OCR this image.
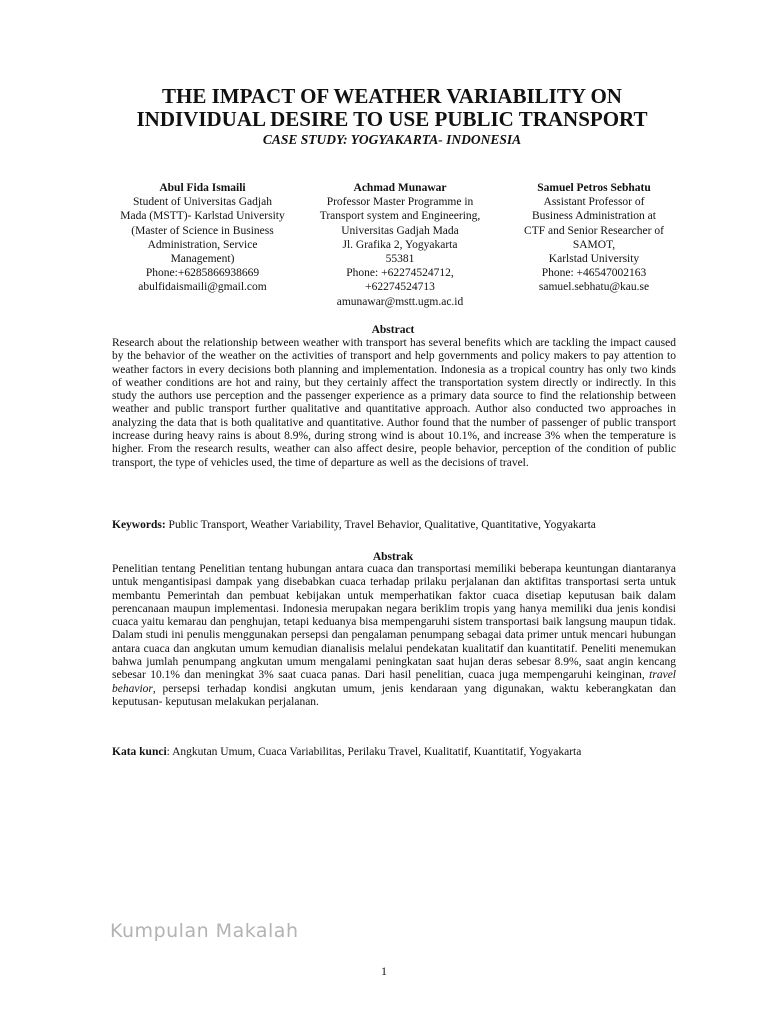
THE IMPACT OF WEATHER VARIABILITY ON
INDIVIDUAL DESIRE TO USE PUBLIC TRANSPORT
CASE STUDY: YOGYAKARTA- INDONESIA
Abul Fida Ismaili
Student of Universitas Gadjah
Mada (MSTT)- Karlstad University
(Master of Science in Business
Administration, Service
Management)
Phone:+6285866938669
abulfidaismaili@gmail.com
Achmad Munawar
Professor Master Programme in
Transport system and Engineering,
Universitas Gadjah Mada
Jl. Grafika 2, Yogyakarta
55381
Phone: +62274524712,
+62274524713
amunawar@mstt.ugm.ac.id
Samuel Petros Sebhatu
Assistant Professor of
Business Administration at
CTF and Senior Researcher of
SAMOT,
Karlstad University
Phone: +46547002163
samuel.sebhatu@kau.se
Abstract

Research about the relationship between weather with transport has several benefits which are tackling the impact caused by the behavior of the weather on the activities of transport and help governments and policy makers to pay attention to weather factors in every decisions both planning and implementation. Indonesia as a tropical country has only two kinds of weather conditions are hot and rainy, but they certainly affect the transportation system directly or indirectly. In this study the authors use perception and the passenger experience as a primary data source to find the relationship between weather and public transport further qualitative and quantitative approach. Author also conducted two approaches in analyzing the data that is both qualitative and quantitative. Author found that the number of passenger of public transport increase during heavy rains is about 8.9%, during strong wind is about 10.1%, and increase 3% when the temperature is higher. From the research results, weather can also affect desire, people behavior, perception of the condition of public transport, the type of vehicles used, the time of departure as well as the decisions of travel.

Keywords: Public Transport, Weather Variability, Travel Behavior, Qualitative, Quantitative, Yogyakarta

Abstrak

Penelitian tentang Penelitian tentang hubungan antara cuaca dan transportasi memiliki beberapa keuntungan diantaranya untuk mengantisipasi dampak yang disebabkan cuaca terhadap prilaku perjalanan dan aktifitas transportasi serta untuk membantu Pemerintah dan pembuat kebijakan untuk memperhatikan faktor cuaca disetiap keputusan baik dalam perencanaan maupun implementasi. Indonesia merupakan negara beriklim tropis yang hanya memiliki dua jenis kondisi cuaca yaitu kemarau dan penghujan, tetapi keduanya bisa mempengaruhi sistem transportasi baik langsung maupun tidak. Dalam studi ini penulis menggunakan persepsi dan pengalaman penumpang sebagai data primer untuk mencari hubungan antara cuaca dan angkutan umum kemudian dianalisis melalui pendekatan kualitatif dan kuantitatif. Peneliti menemukan bahwa jumlah penumpang angkutan umum mengalami peningkatan saat hujan deras sebesar 8.9%, saat angin kencang sebesar 10.1% dan meningkat 3% saat cuaca panas. Dari hasil penelitian, cuaca juga mempengaruhi keinginan, travel behavior, persepsi terhadap kondisi angkutan umum, jenis kendaraan yang digunakan, waktu keberangkatan dan keputusan- keputusan melakukan perjalanan.

Kata kunci: Angkutan Umum, Cuaca Variabilitas, Perilaku Travel, Kualitatif, Kuantitatif, Yogyakarta

Kumpulan Makalah
1
